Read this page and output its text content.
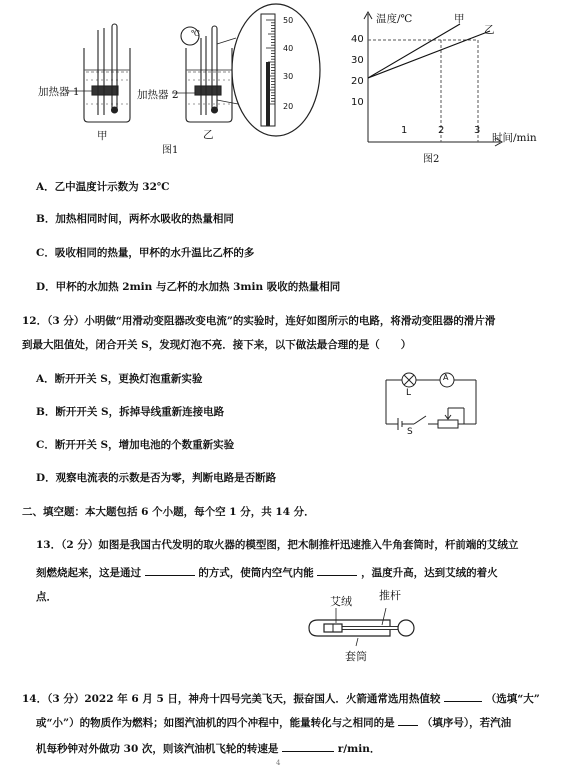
℃
加热器 1	加热器 2
甲	乙
50
40
30
20
图1
温度/℃
时间/min
40
30
20
10
1	2	3
甲
乙
图2
A．乙中温度计示数为 32℃
B．加热相同时间，两杯水吸收的热量相同
C．吸收相同的热量，甲杯的水升温比乙杯的多
D．甲杯的水加热 2min 与乙杯的水加热 3min 吸收的热量相同
12．（3 分）小明做“用滑动变阻器改变电流”的实验时，连好如图所示的电路，将滑动变阻器的滑片滑
到最大阻值处，闭合开关 S，发现灯泡不亮．接下来，以下做法最合理的是（　　）
A．断开开关 S，更换灯泡重新实验
B．断开开关 S，拆掉导线重新连接电路
C．断开开关 S，增加电池的个数重新实验
D．观察电流表的示数是否为零，判断电路是否断路
A
L
S
二、填空题：本大题包括 6 个小题，每个空 1 分，共 14 分．
13．（2 分）如图是我国古代发明的取火器的模型图，把木制推杆迅速推入牛角套筒时，杆前端的艾绒立
刻燃烧起来，这是通过	的方式，使筒内空气内能	，温度升高，达到艾绒的着火
点．	艾绒 推杆
套筒
14．（3 分）2022 年 6 月 5 日，神舟十四号完美飞天，振奋国人．火箭通常选用热值较	（选填“大”
或“小”）的物质作为燃料；如图汽油机的四个冲程中，能量转化与之相同的是	（填序号），若汽油
机每秒钟对外做功 30 次，则该汽油机飞轮的转速是	r/min．
4
